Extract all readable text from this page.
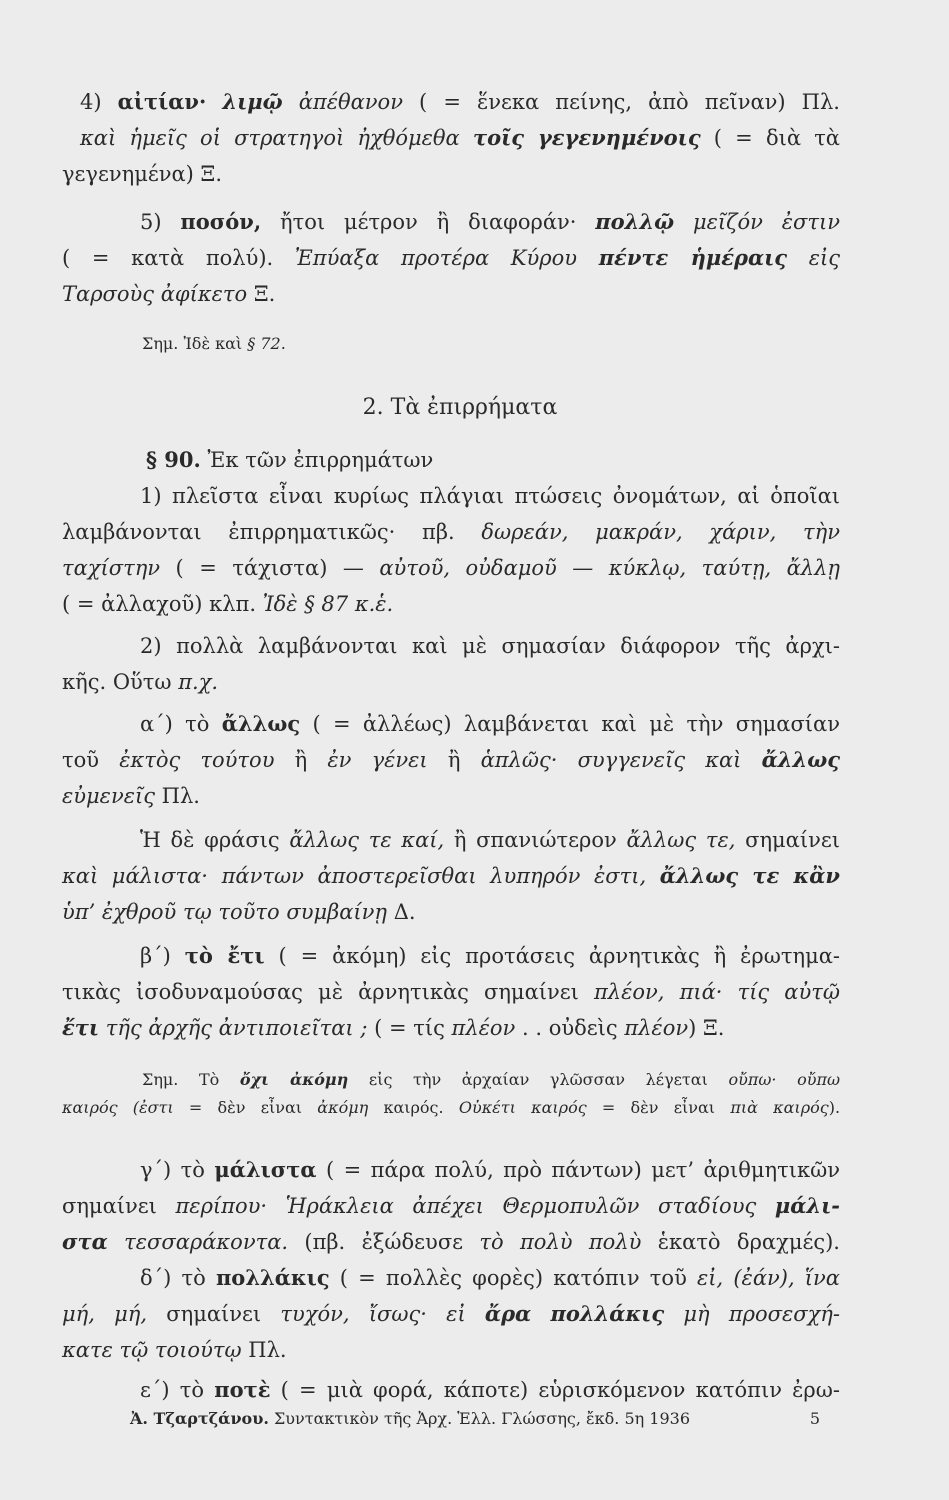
4) αἰτίαν· λιμῷ ἀπέθανον ( = ἕνεκα πείνης, ἀπὸ πεῖναν) Πλ.
καὶ ἡμεῖς οἱ στρατηγοὶ ἠχθόμεθα τοῖς γεγενημένοις ( = διὰ τὰ
γεγενημένα) Ξ.
5) ποσόν, ἤτοι μέτρον ἢ διαφοράν· πολλῷ μεῖζόν ἐστιν
( = κατὰ πολύ). Ἐπύαξα προτέρα Κύρου πέντε ἡμέραις εἰς
Ταρσοὺς ἀφίκετο Ξ.
Σημ. Ἰδὲ καὶ § 72.
2. Τὰ ἐπιρρήματα
§ 90. Ἐκ τῶν ἐπιρρημάτων
1) πλεῖστα εἶναι κυρίως πλάγιαι πτώσεις ὀνομάτων, αἱ ὁποῖαι
λαμβάνονται ἐπιρρηματικῶς· πβ. δωρεάν, μακράν, χάριν, τὴν
ταχίστην ( = τάχιστα) — αὐτοῦ, οὐδαμοῦ — κύκλῳ, ταύτῃ, ἄλλῃ
( = ἀλλαχοῦ) κλπ. Ἰδὲ § 87 κ.ἑ.
2) πολλὰ λαμβάνονται καὶ μὲ σημασίαν διάφορον τῆς ἀρχι-
κῆς. Οὕτω π.χ.
α´) τὸ ἄλλως ( = ἀλλέως) λαμβάνεται καὶ μὲ τὴν σημασίαν
τοῦ ἐκτὸς τούτου ἢ ἐν γένει ἢ ἁπλῶς· συγγενεῖς καὶ ἄλλως
εὐμενεῖς Πλ.
Ἡ δὲ φράσις ἄλλως τε καί, ἢ σπανιώτερον ἄλλως τε, σημαίνει
καὶ μάλιστα· πάντων ἀποστερεῖσθαι λυπηρόν ἐστι, ἄλλως τε κἂν
ὑπ’ ἐχθροῦ τῳ τοῦτο συμβαίνῃ Δ.
β´) τὸ ἔτι ( = ἀκόμη) εἰς προτάσεις ἀρνητικὰς ἢ ἐρωτημα-
τικὰς ἰσοδυναμούσας μὲ ἀρνητικὰς σημαίνει πλέον, πιά· τίς αὐτῷ
ἔτι τῆς ἀρχῆς ἀντιποιεῖται ; ( = τίς πλέον . . οὐδεὶς πλέον) Ξ.
Σημ. Τὸ ὄχι ἀκόμη εἰς τὴν ἀρχαίαν γλῶσσαν λέγεται οὔπω· οὔπω
καιρός (ἐστι = δὲν εἶναι ἀκόμη καιρός. Οὐκέτι καιρός = δὲν εἶναι πιὰ καιρός).
γ´) τὸ μάλιστα ( = πάρα πολύ, πρὸ πάντων) μετ’ ἀριθμητικῶν
σημαίνει περίπου· Ἡράκλεια ἀπέχει Θερμοπυλῶν σταδίους μάλι-
στα τεσσαράκοντα. (πβ. ἐξώδευσε τὸ πολὺ πολὺ ἑκατὸ δραχμές).
δ´) τὸ πολλάκις ( = πολλὲς φορὲς) κατόπιν τοῦ εἰ, (ἐάν), ἵνα
μή, μή, σημαίνει τυχόν, ἴσως· εἰ ἄρα πολλάκις μὴ προσεσχή-
κατε τῷ τοιούτῳ Πλ.
ε´) τὸ ποτὲ ( = μιὰ φορά, κάποτε) εὑρισκόμενον κατόπιν ἐρω-
Ἀ. Τζαρτζάνου. Συντακτικὸν τῆς Ἀρχ. Ἑλλ. Γλώσσης, ἔκδ. 5η 1936	5
